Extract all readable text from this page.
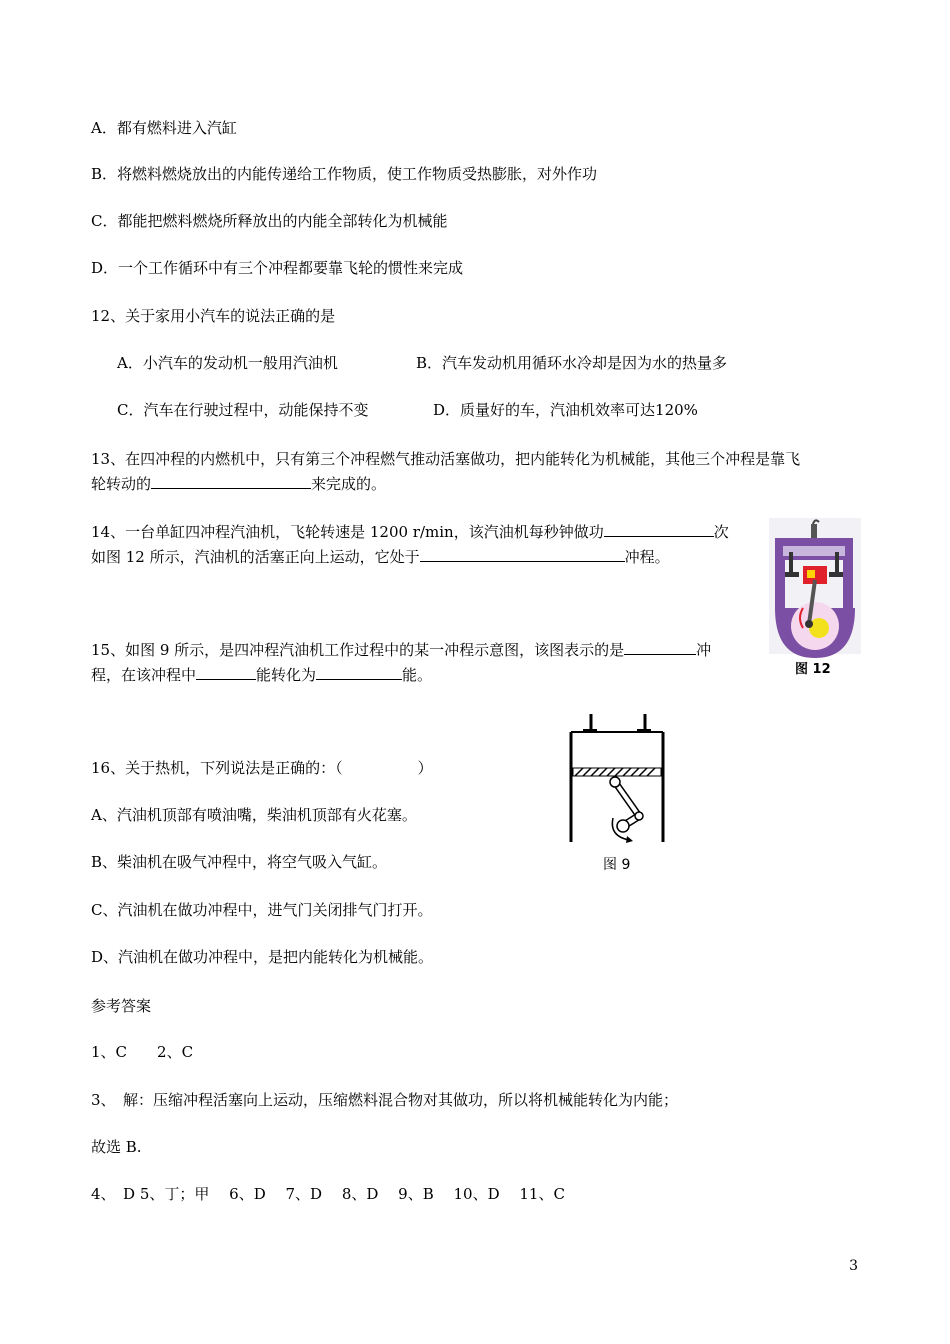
A．都有燃料进入汽缸
B．将燃料燃烧放出的内能传递给工作物质，使工作物质受热膨胀，对外作功
C．都能把燃料燃烧所释放出的内能全部转化为机械能
D．一个工作循环中有三个冲程都要靠飞轮的惯性来完成
12、关于家用小汽车的说法正确的是
A．小汽车的发动机一般用汽油机	B．汽车发动机用循环水冷却是因为水的热量多
C．汽车在行驶过程中，动能保持不变	D．质量好的车，汽油机效率可达120%
13、在四冲程的内燃机中，只有第三个冲程燃气推动活塞做功，把内能转化为机械能，其他三个冲程是靠飞
轮转动的	来完成的。
14、一台单缸四冲程汽油机，飞轮转速是 1200 r/min，该汽油机每秒钟做功	次
如图 12 所示，汽油机的活塞正向上运动，它处于	冲程。
图 12
15、如图 9 所示，是四冲程汽油机工作过程中的某一冲程示意图，该图表示的是	冲
程，在该冲程中	能转化为	能。
图 9
16、关于热机，下列说法是正确的：（　　　　　）
A、汽油机顶部有喷油嘴，柴油机顶部有火花塞。
B、柴油机在吸气冲程中，将空气吸入气缸。
C、汽油机在做功冲程中，进气门关闭排气门打开。
D、汽油机在做功冲程中，是把内能转化为机械能。
参考答案
1、C　　2、C
3、　解：压缩冲程活塞向上运动，压缩燃料混合物对其做功，所以将机械能转化为内能；
故选 B.
4、　D 5、丁；甲　 6、D　 7、D　 8、D　 9、B　 10、D　 11、C
3
